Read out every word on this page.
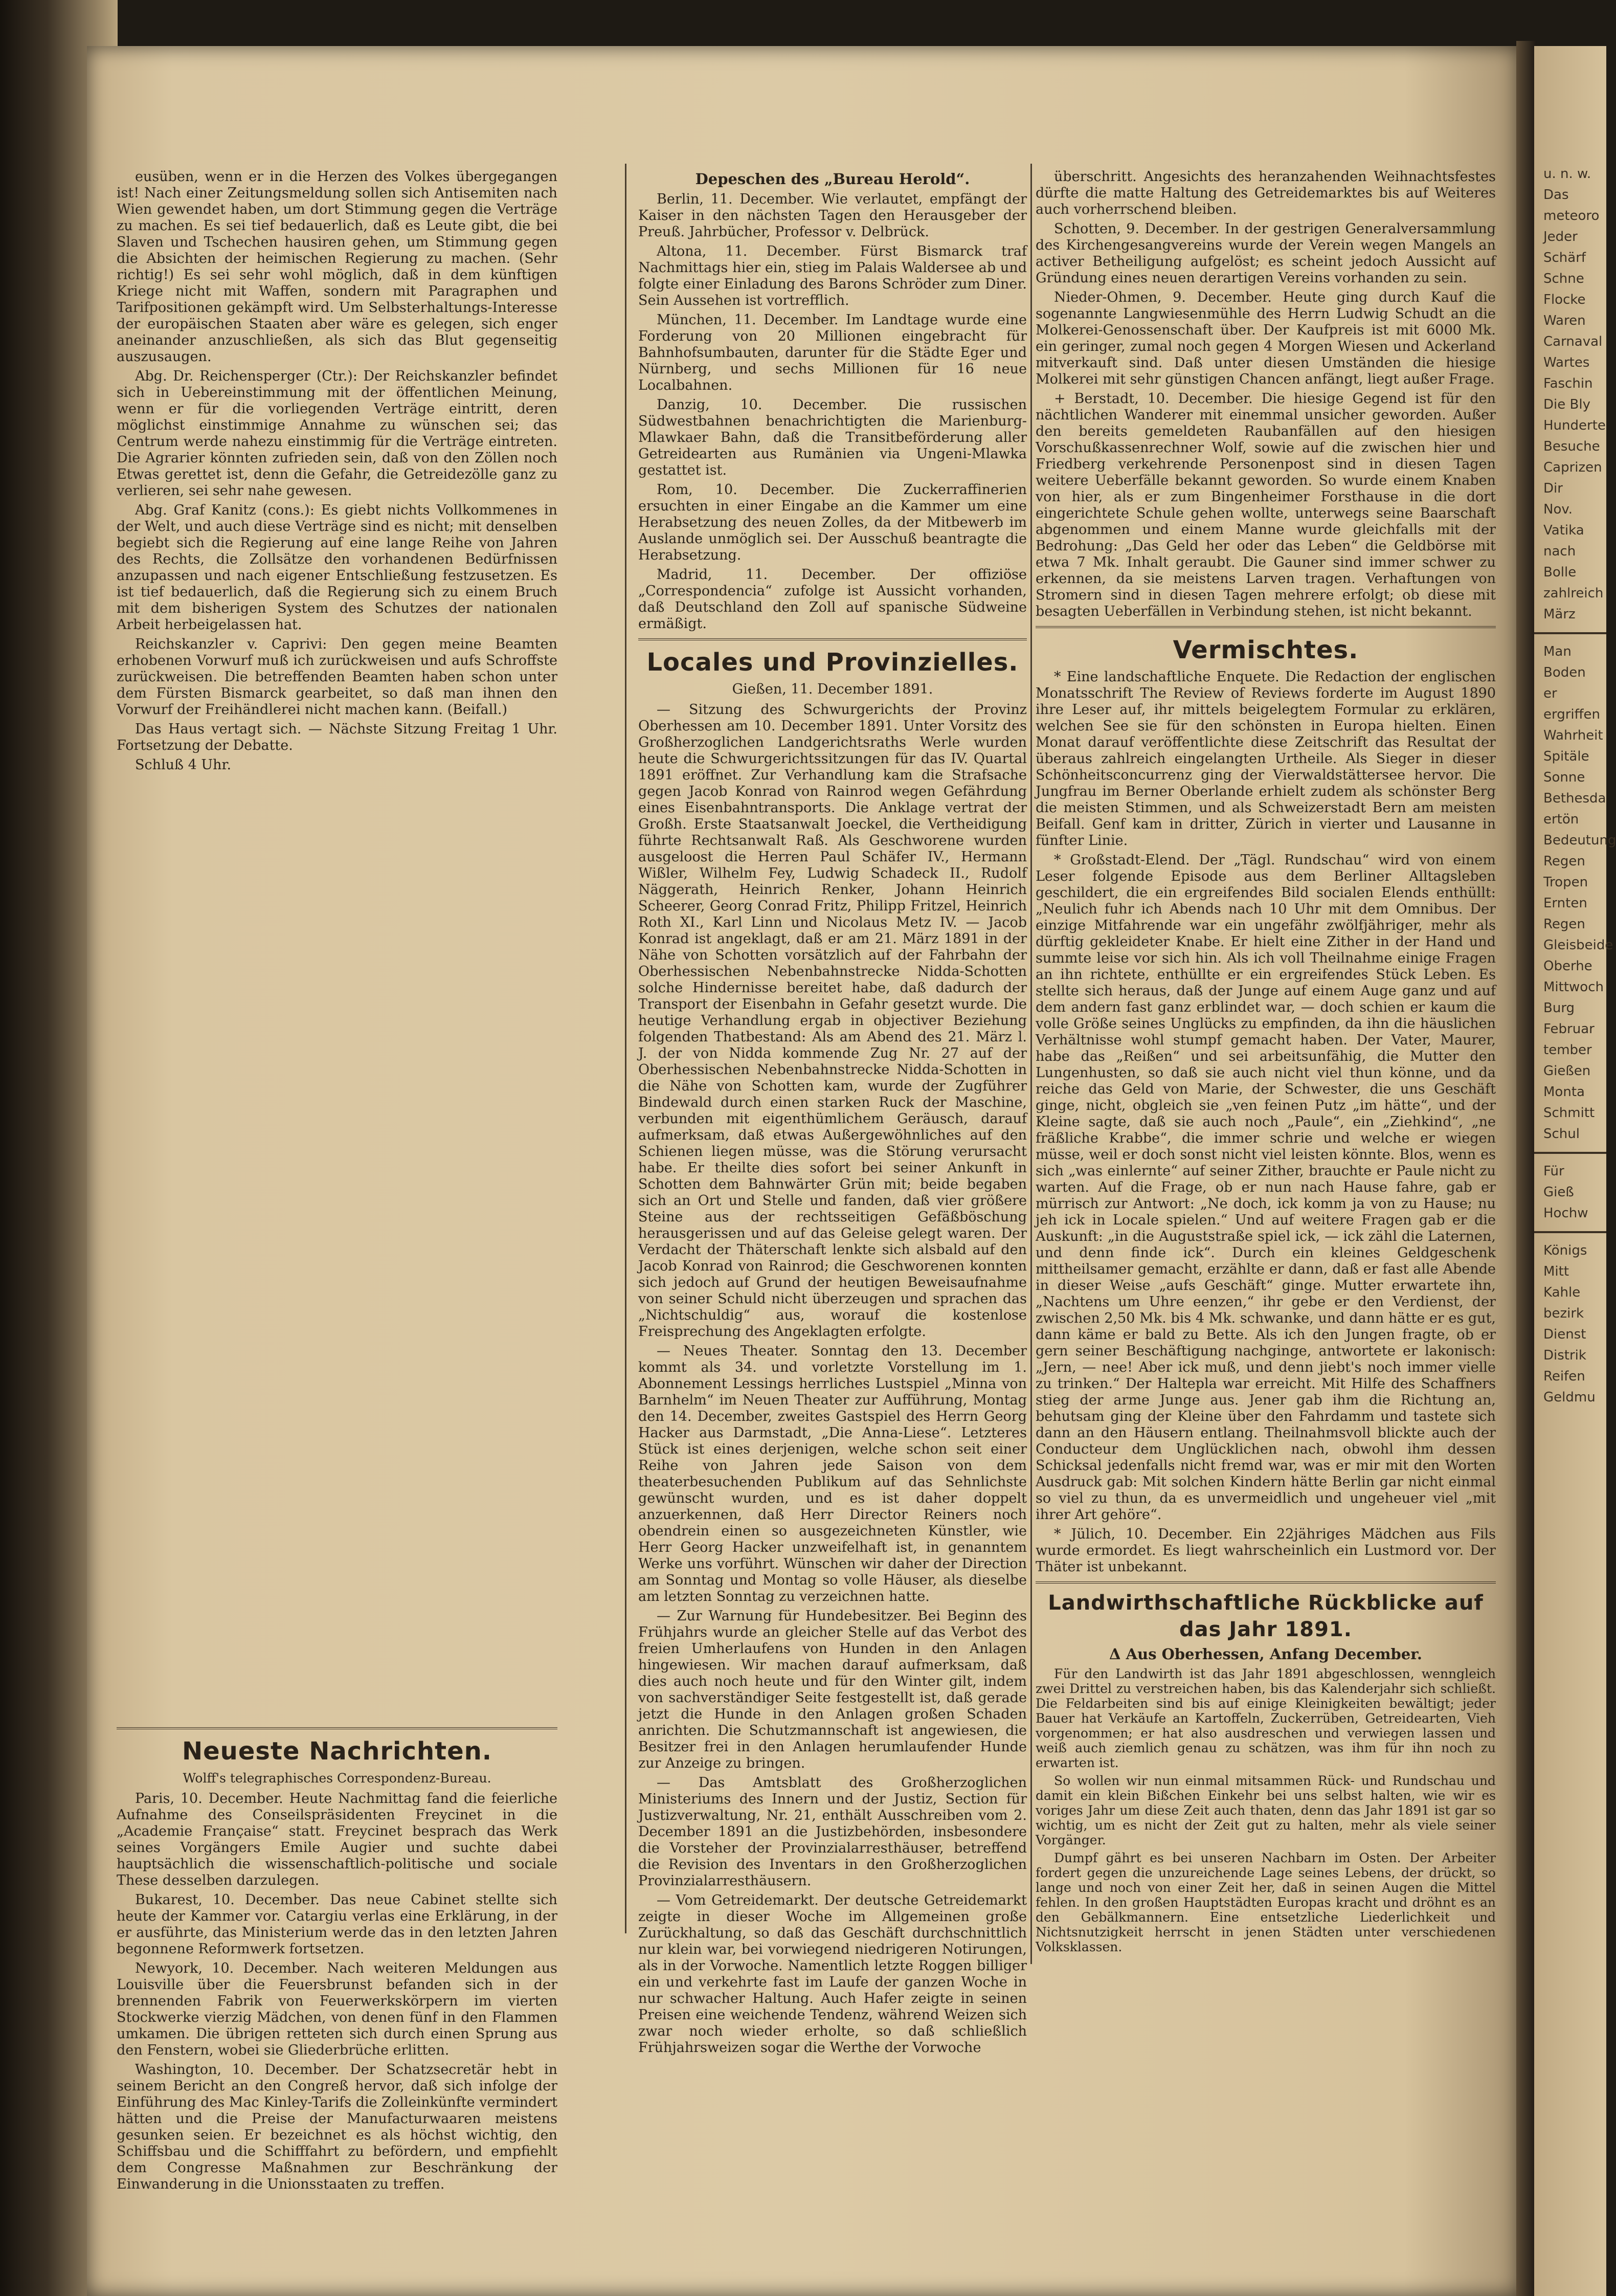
u. n. w.
Das
meteoro
Jeder
Schärf
Schne
Flocke
Waren
Carnaval
Wartes
Faschin
Die Bly
Hunderte
Besuche
Caprizen
Dir
Nov.
Vatika
nach
Bolle
zahlreich
März
Man
Boden
er
ergriffen
Wahrheit
Spitäle
Sonne
Bethesda
ertön
Bedeutung
Regen
Tropen
Ernten
Regen
Gleisbeide
Oberhe
Mittwoch
Burg
Februar
tember
Gießen
Monta
Schmitt
Schul
Für
Gieß
Hochw
Königs
Mitt
Kahle
bezirk
Dienst
Distrik
Reifen
Geldmu

eusüben, wenn er in die Herzen des Volkes übergegangen ist! Nach einer Zeitungsmeldung sollen sich Antisemiten nach Wien gewendet haben, um dort Stimmung gegen die Verträge zu machen. Es sei tief bedauerlich, daß es Leute gibt, die bei Slaven und Tschechen hausiren gehen, um Stimmung gegen die Absichten der heimischen Regierung zu machen. (Sehr richtig!) Es sei sehr wohl möglich, daß in dem künftigen Kriege nicht mit Waffen, sondern mit Paragraphen und Tarifpositionen gekämpft wird. Um Selbsterhaltungs-Interesse der europäischen Staaten aber wäre es gelegen, sich enger aneinander anzuschließen, als sich das Blut gegenseitig auszusaugen.

Abg. Dr. Reichensperger (Ctr.): Der Reichskanzler befindet sich in Uebereinstimmung mit der öffentlichen Meinung, wenn er für die vorliegenden Verträge eintritt, deren möglichst einstimmige Annahme zu wünschen sei; das Centrum werde nahezu einstimmig für die Verträge eintreten. Die Agrarier könnten zufrieden sein, daß von den Zöllen noch Etwas gerettet ist, denn die Gefahr, die Getreidezölle ganz zu verlieren, sei sehr nahe gewesen.

Abg. Graf Kanitz (cons.): Es giebt nichts Vollkommenes in der Welt, und auch diese Verträge sind es nicht; mit denselben begiebt sich die Regierung auf eine lange Reihe von Jahren des Rechts, die Zollsätze den vorhandenen Bedürfnissen anzupassen und nach eigener Entschließung festzusetzen. Es ist tief bedauerlich, daß die Regierung sich zu einem Bruch mit dem bisherigen System des Schutzes der nationalen Arbeit herbeigelassen hat.

Reichskanzler v. Caprivi: Den gegen meine Beamten erhobenen Vorwurf muß ich zurückweisen und aufs Schroffste zurückweisen. Die betreffenden Beamten haben schon unter dem Fürsten Bismarck gearbeitet, so daß man ihnen den Vorwurf der Freihändlerei nicht machen kann. (Beifall.)

Das Haus vertagt sich. — Nächste Sitzung Freitag 1 Uhr. Fortsetzung der Debatte.

Schluß 4 Uhr.

Neueste Nachrichten.
Wolff's telegraphisches Correspondenz-Bureau.

Paris, 10. December. Heute Nachmittag fand die feierliche Aufnahme des Conseilspräsidenten Freycinet in die „Academie Française“ statt. Freycinet besprach das Werk seines Vorgängers Emile Augier und suchte dabei hauptsächlich die wissenschaftlich-politische und sociale These desselben darzulegen.

Bukarest, 10. December. Das neue Cabinet stellte sich heute der Kammer vor. Catargiu verlas eine Erklärung, in der er ausführte, das Ministerium werde das in den letzten Jahren begonnene Reformwerk fortsetzen.

Newyork, 10. December. Nach weiteren Meldungen aus Louisville über die Feuersbrunst befanden sich in der brennenden Fabrik von Feuerwerkskörpern im vierten Stockwerke vierzig Mädchen, von denen fünf in den Flammen umkamen. Die übrigen retteten sich durch einen Sprung aus den Fenstern, wobei sie Gliederbrüche erlitten.

Washington, 10. December. Der Schatzsecretär hebt in seinem Bericht an den Congreß hervor, daß sich infolge der Einführung des Mac Kinley-Tarifs die Zolleinkünfte vermindert hätten und die Preise der Manufacturwaaren meistens gesunken seien. Er bezeichnet es als höchst wichtig, den Schiffsbau und die Schifffahrt zu befördern, und empfiehlt dem Congresse Maßnahmen zur Beschränkung der Einwanderung in die Unionsstaaten zu treffen.

Depeschen des „Bureau Herold“.

Berlin, 11. December. Wie verlautet, empfängt der Kaiser in den nächsten Tagen den Herausgeber der Preuß. Jahrbücher, Professor v. Delbrück.

Altona, 11. December. Fürst Bismarck traf Nachmittags hier ein, stieg im Palais Waldersee ab und folgte einer Einladung des Barons Schröder zum Diner. Sein Aussehen ist vortrefflich.

München, 11. December. Im Landtage wurde eine Forderung von 20 Millionen eingebracht für Bahnhofsumbauten, darunter für die Städte Eger und Nürnberg, und sechs Millionen für 16 neue Localbahnen.

Danzig, 10. December. Die russischen Südwestbahnen benachrichtigten die Marienburg-Mlawkaer Bahn, daß die Transitbeförderung aller Getreidearten aus Rumänien via Ungeni-Mlawka gestattet ist.

Rom, 10. December. Die Zuckerraffinerien ersuchten in einer Eingabe an die Kammer um eine Herabsetzung des neuen Zolles, da der Mitbewerb im Auslande unmöglich sei. Der Ausschuß beantragte die Herabsetzung.

Madrid, 11. December. Der offiziöse „Correspondencia“ zufolge ist Aussicht vorhanden, daß Deutschland den Zoll auf spanische Südweine ermäßigt.

Locales und Provinzielles.
Gießen, 11. December 1891.

— Sitzung des Schwurgerichts der Provinz Oberhessen am 10. December 1891. Unter Vorsitz des Großherzoglichen Landgerichtsraths Werle wurden heute die Schwurgerichtssitzungen für das IV. Quartal 1891 eröffnet. Zur Verhandlung kam die Strafsache gegen Jacob Konrad von Rainrod wegen Gefährdung eines Eisenbahntransports. Die Anklage vertrat der Großh. Erste Staatsanwalt Joeckel, die Vertheidigung führte Rechtsanwalt Raß. Als Geschworene wurden ausgeloost die Herren Paul Schäfer IV., Hermann Wißler, Wilhelm Fey, Ludwig Schadeck II., Rudolf Näggerath, Heinrich Renker, Johann Heinrich Scheerer, Georg Conrad Fritz, Philipp Fritzel, Heinrich Roth XI., Karl Linn und Nicolaus Metz IV. — Jacob Konrad ist angeklagt, daß er am 21. März 1891 in der Nähe von Schotten vorsätzlich auf der Fahrbahn der Oberhessischen Nebenbahnstrecke Nidda-Schotten solche Hindernisse bereitet habe, daß dadurch der Transport der Eisenbahn in Gefahr gesetzt wurde. Die heutige Verhandlung ergab in objectiver Beziehung folgenden Thatbestand: Als am Abend des 21. März l. J. der von Nidda kommende Zug Nr. 27 auf der Oberhessischen Nebenbahnstrecke Nidda-Schotten in die Nähe von Schotten kam, wurde der Zugführer Bindewald durch einen starken Ruck der Maschine, verbunden mit eigenthümlichem Geräusch, darauf aufmerksam, daß etwas Außergewöhnliches auf den Schienen liegen müsse, was die Störung verursacht habe. Er theilte dies sofort bei seiner Ankunft in Schotten dem Bahnwärter Grün mit; beide begaben sich an Ort und Stelle und fanden, daß vier größere Steine aus der rechtsseitigen Gefäßböschung herausgerissen und auf das Geleise gelegt waren. Der Verdacht der Thäterschaft lenkte sich alsbald auf den Jacob Konrad von Rainrod; die Geschworenen konnten sich jedoch auf Grund der heutigen Beweisaufnahme von seiner Schuld nicht überzeugen und sprachen das „Nichtschuldig“ aus, worauf die kostenlose Freisprechung des Angeklagten erfolgte.

— Neues Theater. Sonntag den 13. December kommt als 34. und vorletzte Vorstellung im 1. Abonnement Lessings herrliches Lustspiel „Minna von Barnhelm“ im Neuen Theater zur Aufführung, Montag den 14. December, zweites Gastspiel des Herrn Georg Hacker aus Darmstadt, „Die Anna-Liese“. Letzteres Stück ist eines derjenigen, welche schon seit einer Reihe von Jahren jede Saison von dem theaterbesuchenden Publikum auf das Sehnlichste gewünscht wurden, und es ist daher doppelt anzuerkennen, daß Herr Director Reiners noch obendrein einen so ausgezeichneten Künstler, wie Herr Georg Hacker unzweifelhaft ist, in genanntem Werke uns vorführt. Wünschen wir daher der Direction am Sonntag und Montag so volle Häuser, als dieselbe am letzten Sonntag zu verzeichnen hatte.

— Zur Warnung für Hundebesitzer. Bei Beginn des Frühjahrs wurde an gleicher Stelle auf das Verbot des freien Umherlaufens von Hunden in den Anlagen hingewiesen. Wir machen darauf aufmerksam, daß dies auch noch heute und für den Winter gilt, indem von sachverständiger Seite festgestellt ist, daß gerade jetzt die Hunde in den Anlagen großen Schaden anrichten. Die Schutzmannschaft ist angewiesen, die Besitzer frei in den Anlagen herumlaufender Hunde zur Anzeige zu bringen.

— Das Amtsblatt des Großherzoglichen Ministeriums des Innern und der Justiz, Section für Justizverwaltung, Nr. 21, enthält Ausschreiben vom 2. December 1891 an die Justizbehörden, insbesondere die Vorsteher der Provinzialarresthäuser, betreffend die Revision des Inventars in den Großherzoglichen Provinzialarresthäusern.

— Vom Getreidemarkt. Der deutsche Getreidemarkt zeigte in dieser Woche im Allgemeinen große Zurückhaltung, so daß das Geschäft durchschnittlich nur klein war, bei vorwiegend niedrigeren Notirungen, als in der Vorwoche. Namentlich letzte Roggen billiger ein und verkehrte fast im Laufe der ganzen Woche in nur schwacher Haltung. Auch Hafer zeigte in seinen Preisen eine weichende Tendenz, während Weizen sich zwar noch wieder erholte, so daß schließlich Frühjahrsweizen sogar die Werthe der Vorwoche

überschritt. Angesichts des heranzahenden Weihnachtsfestes dürfte die matte Haltung des Getreidemarktes bis auf Weiteres auch vorherrschend bleiben.

Schotten, 9. December. In der gestrigen Generalversammlung des Kirchengesangvereins wurde der Verein wegen Mangels an activer Betheiligung aufgelöst; es scheint jedoch Aussicht auf Gründung eines neuen derartigen Vereins vorhanden zu sein.

Nieder-Ohmen, 9. December. Heute ging durch Kauf die sogenannte Langwiesenmühle des Herrn Ludwig Schudt an die Molkerei-Genossenschaft über. Der Kaufpreis ist mit 6000 Mk. ein geringer, zumal noch gegen 4 Morgen Wiesen und Ackerland mitverkauft sind. Daß unter diesen Umständen die hiesige Molkerei mit sehr günstigen Chancen anfängt, liegt außer Frage.

+ Berstadt, 10. December. Die hiesige Gegend ist für den nächtlichen Wanderer mit einemmal unsicher geworden. Außer den bereits gemeldeten Raubanfällen auf den hiesigen Vorschußkassenrechner Wolf, sowie auf die zwischen hier und Friedberg verkehrende Personenpost sind in diesen Tagen weitere Ueberfälle bekannt geworden. So wurde einem Knaben von hier, als er zum Bingenheimer Forsthause in die dort eingerichtete Schule gehen wollte, unterwegs seine Baarschaft abgenommen und einem Manne wurde gleichfalls mit der Bedrohung: „Das Geld her oder das Leben“ die Geldbörse mit etwa 7 Mk. Inhalt geraubt. Die Gauner sind immer schwer zu erkennen, da sie meistens Larven tragen. Verhaftungen von Stromern sind in diesen Tagen mehrere erfolgt; ob diese mit besagten Ueberfällen in Verbindung stehen, ist nicht bekannt.

Vermischtes.

* Eine landschaftliche Enquete. Die Redaction der englischen Monatsschrift The Review of Reviews forderte im August 1890 ihre Leser auf, ihr mittels beigelegtem Formular zu erklären, welchen See sie für den schönsten in Europa hielten. Einen Monat darauf veröffentlichte diese Zeitschrift das Resultat der überaus zahlreich eingelangten Urtheile. Als Sieger in dieser Schönheitsconcurrenz ging der Vierwaldstättersee hervor. Die Jungfrau im Berner Oberlande erhielt zudem als schönster Berg die meisten Stimmen, und als Schweizerstadt Bern am meisten Beifall. Genf kam in dritter, Zürich in vierter und Lausanne in fünfter Linie.

* Großstadt-Elend. Der „Tägl. Rundschau“ wird von einem Leser folgende Episode aus dem Berliner Alltagsleben geschildert, die ein ergreifendes Bild socialen Elends enthüllt: „Neulich fuhr ich Abends nach 10 Uhr mit dem Omnibus. Der einzige Mitfahrende war ein ungefähr zwölfjähriger, mehr als dürftig gekleideter Knabe. Er hielt eine Zither in der Hand und summte leise vor sich hin. Als ich voll Theilnahme einige Fragen an ihn richtete, enthüllte er ein ergreifendes Stück Leben. Es stellte sich heraus, daß der Junge auf einem Auge ganz und auf dem andern fast ganz erblindet war, — doch schien er kaum die volle Größe seines Unglücks zu empfinden, da ihn die häuslichen Verhältnisse wohl stumpf gemacht haben. Der Vater, Maurer, habe das „Reißen“ und sei arbeitsunfähig, die Mutter den Lungenhusten, so daß sie auch nicht viel thun könne, und da reiche das Geld von Marie, der Schwester, die uns Geschäft ginge, nicht, obgleich sie „ven feinen Putz „im hätte“, und der Kleine sagte, daß sie auch noch „Paule“, ein „Ziehkind“, „ne fräßliche Krabbe“, die immer schrie und welche er wiegen müsse, weil er doch sonst nicht viel leisten könnte. Blos, wenn es sich „was einlernte“ auf seiner Zither, brauchte er Paule nicht zu warten. Auf die Frage, ob er nun nach Hause fahre, gab er mürrisch zur Antwort: „Ne doch, ick komm ja von zu Hause; nu jeh ick in Locale spielen.“ Und auf weitere Fragen gab er die Auskunft: „in die Auguststraße spiel ick, — ick zähl die Laternen, und denn finde ick“. Durch ein kleines Geldgeschenk mittheilsamer gemacht, erzählte er dann, daß er fast alle Abende in dieser Weise „aufs Geschäft“ ginge. Mutter erwartete ihn, „Nachtens um Uhre eenzen,“ ihr gebe er den Verdienst, der zwischen 2,50 Mk. bis 4 Mk. schwanke, und dann hätte er es gut, dann käme er bald zu Bette. Als ich den Jungen fragte, ob er gern seiner Beschäftigung nachginge, antwortete er lakonisch: „Jern, — nee! Aber ick muß, und denn jiebt's noch immer vielle zu trinken.“ Der Haltepla war erreicht. Mit Hilfe des Schaffners stieg der arme Junge aus. Jener gab ihm die Richtung an, behutsam ging der Kleine über den Fahrdamm und tastete sich dann an den Häusern entlang. Theilnahmsvoll blickte auch der Conducteur dem Unglücklichen nach, obwohl ihm dessen Schicksal jedenfalls nicht fremd war, was er mir mit den Worten Ausdruck gab: Mit solchen Kindern hätte Berlin gar nicht einmal so viel zu thun, da es unvermeidlich und ungeheuer viel „mit ihrer Art gehöre“.

* Jülich, 10. December. Ein 22jähriges Mädchen aus Fils wurde ermordet. Es liegt wahrscheinlich ein Lustmord vor. Der Thäter ist unbekannt.

Landwirthschaftliche Rückblicke auf das Jahr 1891.
Δ Aus Oberhessen, Anfang December.

Für den Landwirth ist das Jahr 1891 abgeschlossen, wenngleich zwei Drittel zu verstreichen haben, bis das Kalenderjahr sich schließt. Die Feldarbeiten sind bis auf einige Kleinigkeiten bewältigt; jeder Bauer hat Verkäufe an Kartoffeln, Zuckerrüben, Getreidearten, Vieh vorgenommen; er hat also ausdreschen und verwiegen lassen und weiß auch ziemlich genau zu schätzen, was ihm für ihn noch zu erwarten ist.

So wollen wir nun einmal mitsammen Rück- und Rundschau und damit ein klein Bißchen Einkehr bei uns selbst halten, wie wir es voriges Jahr um diese Zeit auch thaten, denn das Jahr 1891 ist gar so wichtig, um es nicht der Zeit gut zu halten, mehr als viele seiner Vorgänger.

Dumpf gährt es bei unseren Nachbarn im Osten. Der Arbeiter fordert gegen die unzureichende Lage seines Lebens, der drückt, so lange und noch von einer Zeit her, daß in seinen Augen die Mittel fehlen. In den großen Hauptstädten Europas kracht und dröhnt es an den Gebälkmannern. Eine entsetzliche Liederlichkeit und Nichtsnutzigkeit herrscht in jenen Städten unter verschiedenen Volksklassen.
